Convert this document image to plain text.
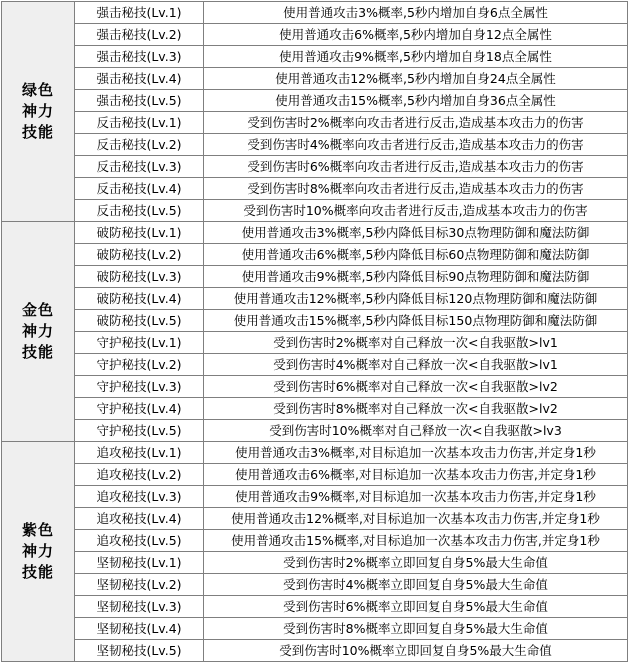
绿色
神力
技能	强击秘技(Lv.1)	使用普通攻击3%概率,5秒内增加自身6点全属性
	强击秘技(Lv.2)	使用普通攻击6%概率,5秒内增加自身12点全属性
	强击秘技(Lv.3)	使用普通攻击9%概率,5秒内增加自身18点全属性
	强击秘技(Lv.4)	使用普通攻击12%概率,5秒内增加自身24点全属性
	强击秘技(Lv.5)	使用普通攻击15%概率,5秒内增加自身36点全属性
	反击秘技(Lv.1)	受到伤害时2%概率向攻击者进行反击,造成基本攻击力的伤害
	反击秘技(Lv.2)	受到伤害时4%概率向攻击者进行反击,造成基本攻击力的伤害
	反击秘技(Lv.3)	受到伤害时6%概率向攻击者进行反击,造成基本攻击力的伤害
	反击秘技(Lv.4)	受到伤害时8%概率向攻击者进行反击,造成基本攻击力的伤害
	反击秘技(Lv.5)	受到伤害时10%概率向攻击者进行反击,造成基本攻击力的伤害

金色
神力
技能	破防秘技(Lv.1)	使用普通攻击3%概率,5秒内降低目标30点物理防御和魔法防御
	破防秘技(Lv.2)	使用普通攻击6%概率,5秒内降低目标60点物理防御和魔法防御
	破防秘技(Lv.3)	使用普通攻击9%概率,5秒内降低目标90点物理防御和魔法防御
	破防秘技(Lv.4)	使用普通攻击12%概率,5秒内降低目标120点物理防御和魔法防御
	破防秘技(Lv.5)	使用普通攻击15%概率,5秒内降低目标150点物理防御和魔法防御
	守护秘技(Lv.1)	受到伤害时2%概率对自己释放一次<自我驱散>lv1
	守护秘技(Lv.2)	受到伤害时4%概率对自己释放一次<自我驱散>lv1
	守护秘技(Lv.3)	受到伤害时6%概率对自己释放一次<自我驱散>lv2
	守护秘技(Lv.4)	受到伤害时8%概率对自己释放一次<自我驱散>lv2
	守护秘技(Lv.5)	受到伤害时10%概率对自己释放一次<自我驱散>lv3

紫色
神力
技能	追攻秘技(Lv.1)	使用普通攻击3%概率,对目标追加一次基本攻击力伤害,并定身1秒
	追攻秘技(Lv.2)	使用普通攻击6%概率,对目标追加一次基本攻击力伤害,并定身1秒
	追攻秘技(Lv.3)	使用普通攻击9%概率,对目标追加一次基本攻击力伤害,并定身1秒
	追攻秘技(Lv.4)	使用普通攻击12%概率,对目标追加一次基本攻击力伤害,并定身1秒
	追攻秘技(Lv.5)	使用普通攻击15%概率,对目标追加一次基本攻击力伤害,并定身1秒
	坚韧秘技(Lv.1)	受到伤害时2%概率立即回复自身5%最大生命值
	坚韧秘技(Lv.2)	受到伤害时4%概率立即回复自身5%最大生命值
	坚韧秘技(Lv.3)	受到伤害时6%概率立即回复自身5%最大生命值
	坚韧秘技(Lv.4)	受到伤害时8%概率立即回复自身5%最大生命值
	坚韧秘技(Lv.5)	受到伤害时10%概率立即回复自身5%最大生命值
